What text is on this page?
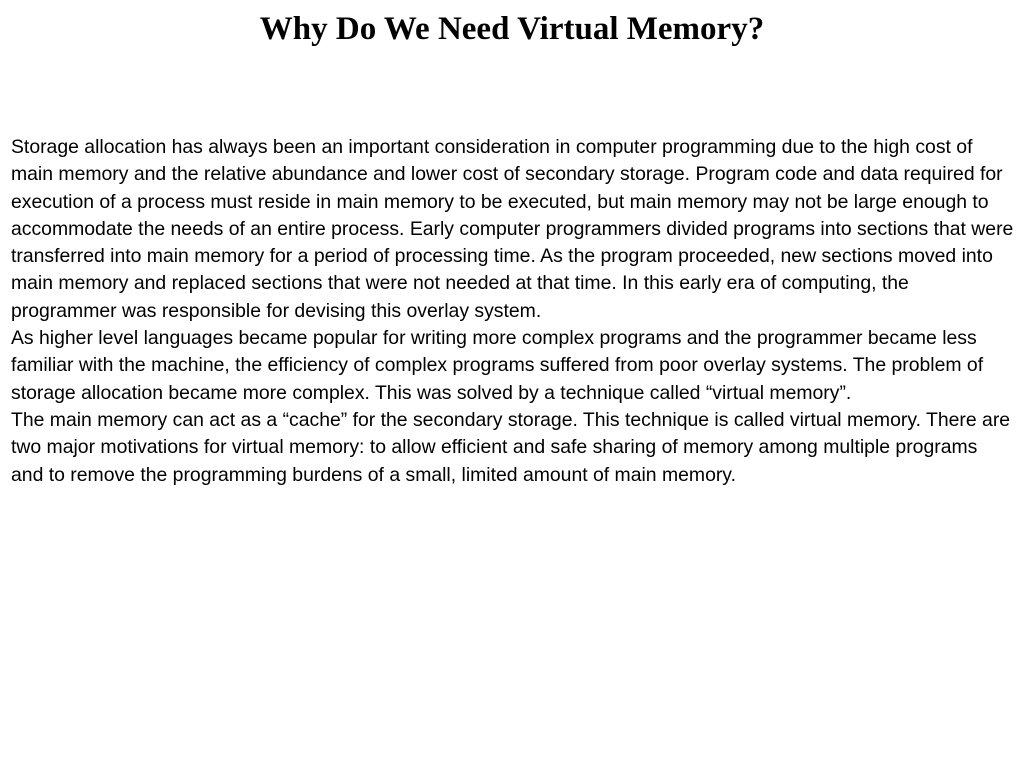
Why Do We Need Virtual Memory?

Storage allocation has always been an important consideration in computer programming due to the high cost of main memory and the relative abundance and lower cost of secondary storage. Program code and data required for execution of a process must reside in main memory to be executed, but main memory may not be large enough to accommodate the needs of an entire process. Early computer programmers divided programs into sections that were transferred into main memory for a period of processing time. As the program proceeded, new sections moved into main memory and replaced sections that were not needed at that time. In this early era of computing, the programmer was responsible for devising this overlay system.

As higher level languages became popular for writing more complex programs and the programmer became less familiar with the machine, the efficiency of complex programs suffered from poor overlay systems. The problem of storage allocation became more complex. This was solved by a technique called “virtual memory”.

The main memory can act as a “cache” for the secondary storage. This technique is called virtual memory. There are two major motivations for virtual memory: to allow efficient and safe sharing of memory among multiple programs and to remove the programming burdens of a small, limited amount of main memory.
